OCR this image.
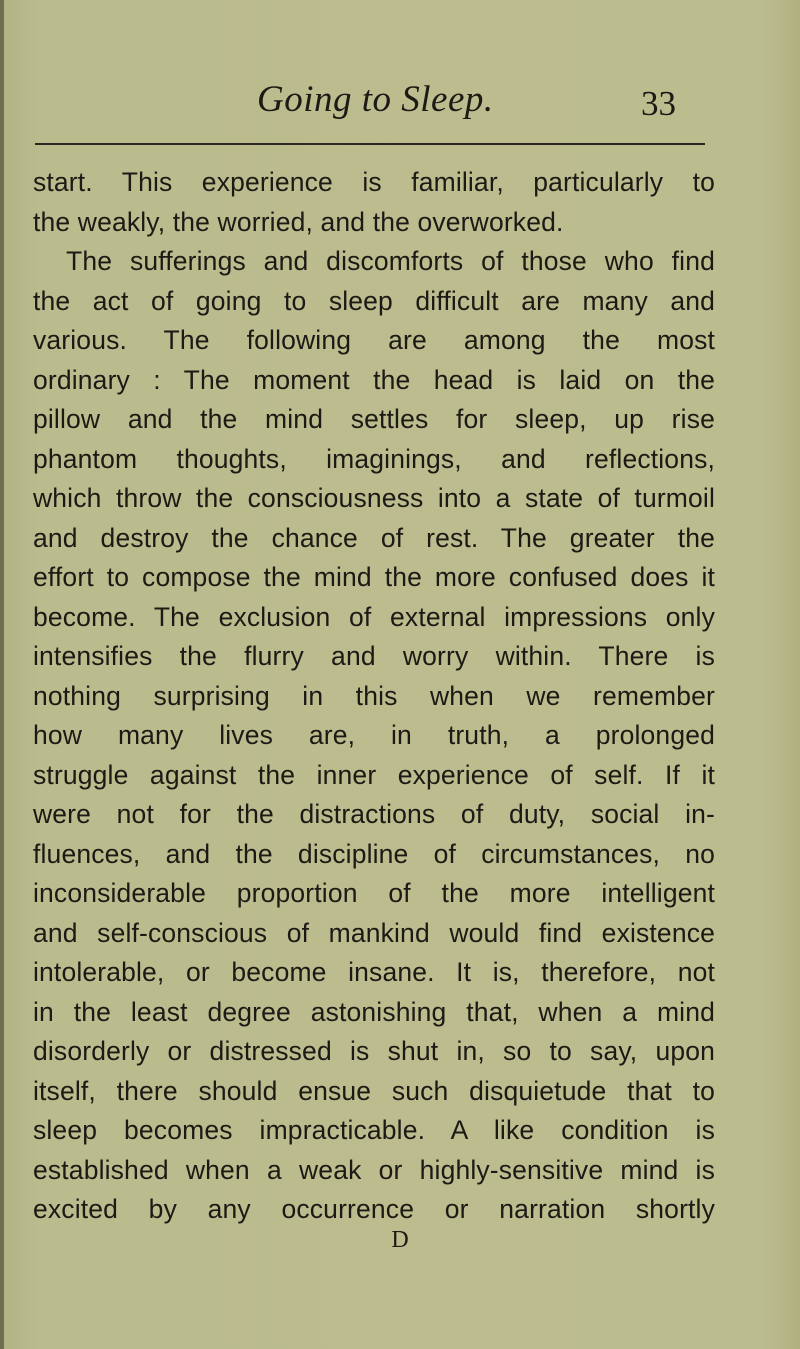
Going to Sleep.	33
start. This experience is familiar, particularly to
the weakly, the worried, and the overworked.
The sufferings and discomforts of those who find
the act of going to sleep difficult are many and
various. The following are among the most
ordinary : The moment the head is laid on the
pillow and the mind settles for sleep, up rise
phantom thoughts, imaginings, and reflections,
which throw the consciousness into a state of turmoil
and destroy the chance of rest. The greater the
effort to compose the mind the more confused does it
become. The exclusion of external impressions only
intensifies the flurry and worry within. There is
nothing surprising in this when we remember
how many lives are, in truth, a prolonged
struggle against the inner experience of self. If it
were not for the distractions of duty, social in-
fluences, and the discipline of circumstances, no
inconsiderable proportion of the more intelligent
and self-conscious of mankind would find existence
intolerable, or become insane. It is, therefore, not
in the least degree astonishing that, when a mind
disorderly or distressed is shut in, so to say, upon
itself, there should ensue such disquietude that to
sleep becomes impracticable. A like condition is
established when a weak or highly-sensitive mind is
excited by any occurrence or narration shortly
D
